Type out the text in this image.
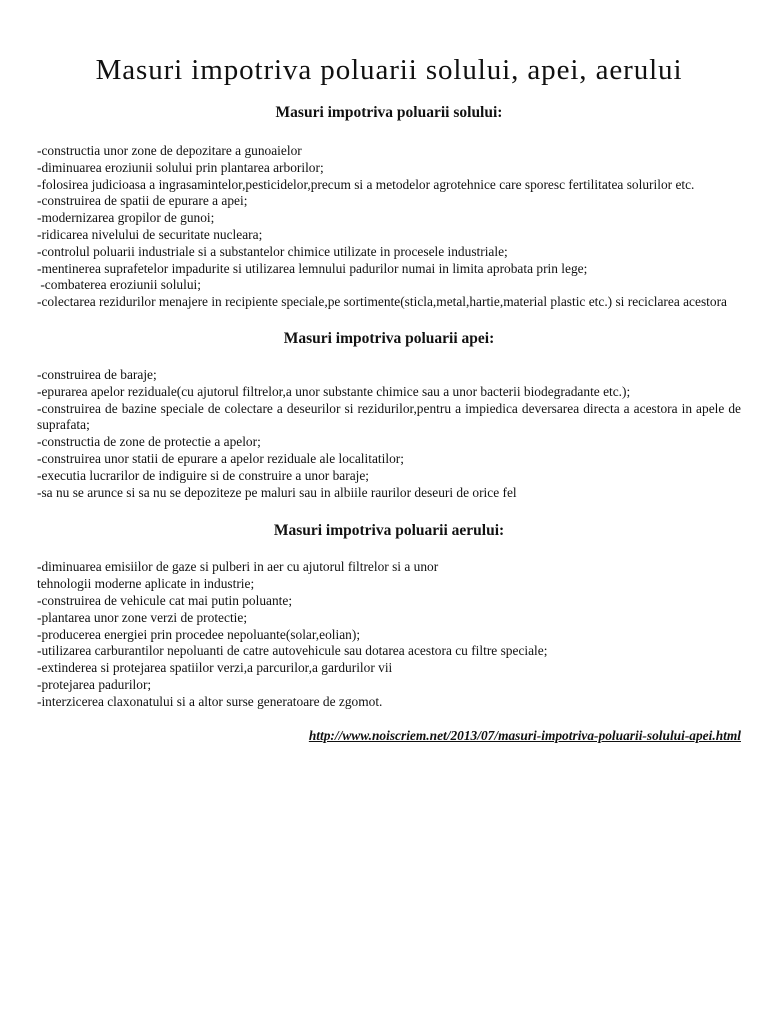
Masuri impotriva poluarii solului, apei, aerului
Masuri impotriva poluarii solului:
-constructia unor zone de depozitare a gunoaielor
-diminuarea eroziunii solului prin plantarea arborilor;
-folosirea judicioasa a ingrasamintelor,pesticidelor,precum si a metodelor agrotehnice care sporesc fertilitatea solurilor etc.
-construirea de spatii de epurare a apei;
-modernizarea gropilor de gunoi;
-ridicarea nivelului de securitate nucleara;
-controlul poluarii industriale si a substantelor chimice utilizate in procesele industriale;
-mentinerea suprafetelor impadurite si utilizarea lemnului padurilor numai in limita aprobata prin lege;
-combaterea eroziunii solului;
-colectarea rezidurilor menajere in recipiente speciale,pe sortimente(sticla,metal,hartie,material plastic etc.) si reciclarea acestora
Masuri impotriva poluarii apei:
-construirea de baraje;
-epurarea apelor reziduale(cu ajutorul filtrelor,a unor substante chimice sau a unor bacterii biodegradante etc.);
-construirea de bazine speciale de colectare a deseurilor si rezidurilor,pentru a impiedica deversarea directa a acestora in apele de suprafata;
-constructia de zone de protectie a apelor;
-construirea unor statii de epurare a apelor reziduale ale localitatilor;
-executia lucrarilor de indiguire si de construire a unor baraje;
-sa nu se arunce si sa nu se depoziteze pe maluri sau in albiile raurilor deseuri de orice fel
Masuri impotriva poluarii aerului:
-diminuarea emisiilor de gaze si pulberi in aer cu ajutorul filtrelor si a unor
tehnologii moderne aplicate in industrie;
-construirea de vehicule cat mai putin poluante;
-plantarea unor zone verzi de protectie;
-producerea energiei prin procedee nepoluante(solar,eolian);
-utilizarea carburantilor nepoluanti de catre autovehicule sau dotarea acestora cu filtre speciale;
-extinderea si protejarea spatiilor verzi,a parcurilor,a gardurilor vii
-protejarea padurilor;
-interzicerea claxonatului si a altor surse generatoare de zgomot.
http://www.noiscriem.net/2013/07/masuri-impotriva-poluarii-solului-apei.html
